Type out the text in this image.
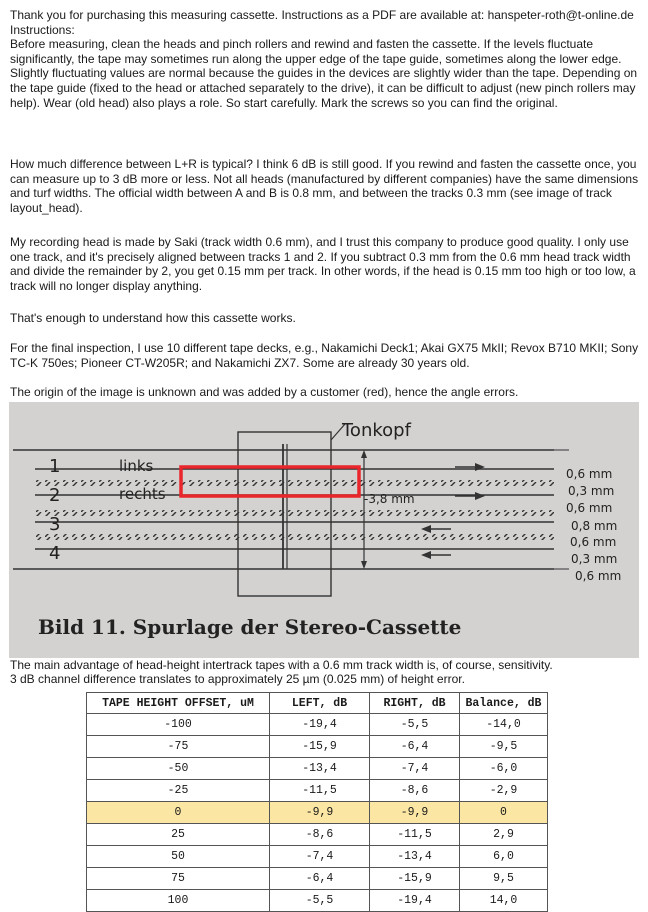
Thank you for purchasing this measuring cassette. Instructions as a PDF are available at: hanspeter-roth@t-online.de

Instructions:

Before measuring, clean the heads and pinch rollers and rewind and fasten the cassette. If the levels fluctuate significantly, the tape may sometimes run along the upper edge of the tape guide, sometimes along the lower edge. Slightly fluctuating values are normal because the guides in the devices are slightly wider than the tape. Depending on the tape guide (fixed to the head or attached separately to the drive), it can be difficult to adjust (new pinch rollers may help). Wear (old head) also plays a role. So start carefully. Mark the screws so you can find the original.

How much difference between L+R is typical? I think 6 dB is still good. If you rewind and fasten the cassette once, you can measure up to 3 dB more or less. Not all heads (manufactured by different companies) have the same dimensions and turf widths. The official width between A and B is 0.8 mm, and between the tracks 0.3 mm (see image of track layout_head).

My recording head is made by Saki (track width 0.6 mm), and I trust this company to produce good quality. I only use one track, and it's precisely aligned between tracks 1 and 2. If you subtract 0.3 mm from the 0.6 mm head track width and divide the remainder by 2, you get 0.15 mm per track. In other words, if the head is 0.15 mm too high or too low, a track will no longer display anything.

That's enough to understand how this cassette works.

For the final inspection, I use 10 different tape decks, e.g., Nakamichi Deck1; Akai GX75 MkII; Revox B710 MKII; Sony TC-K 750es; Pioneer CT-W205R; and Nakamichi ZX7. Some are already 30 years old.

The origin of the image is unknown and was added by a customer (red), hence the angle errors.

Tonkopf
1
2
3
4
links
rechts	-3,8 mm
0,6 mm
0,3 mm
0,6 mm
0,8 mm
0,6 mm
0,3 mm
0,6 mm
Bild 11. Spurlage der Stereo-Cassette

The main advantage of head-height intertrack tapes with a 0.6 mm track width is, of course, sensitivity.

3 dB channel difference translates to approximately 25 µm (0.025 mm) of height error.

TAPE HEIGHT OFFSET, uM	LEFT, dB	RIGHT, dB	Balance, dB
-100	-19,4	-5,5	-14,0
-75	-15,9	-6,4	-9,5
-50	-13,4	-7,4	-6,0
-25	-11,5	-8,6	-2,9
0	-9,9	-9,9	0
25	-8,6	-11,5	2,9
50	-7,4	-13,4	6,0
75	-6,4	-15,9	9,5
100	-5,5	-19,4	14,0
